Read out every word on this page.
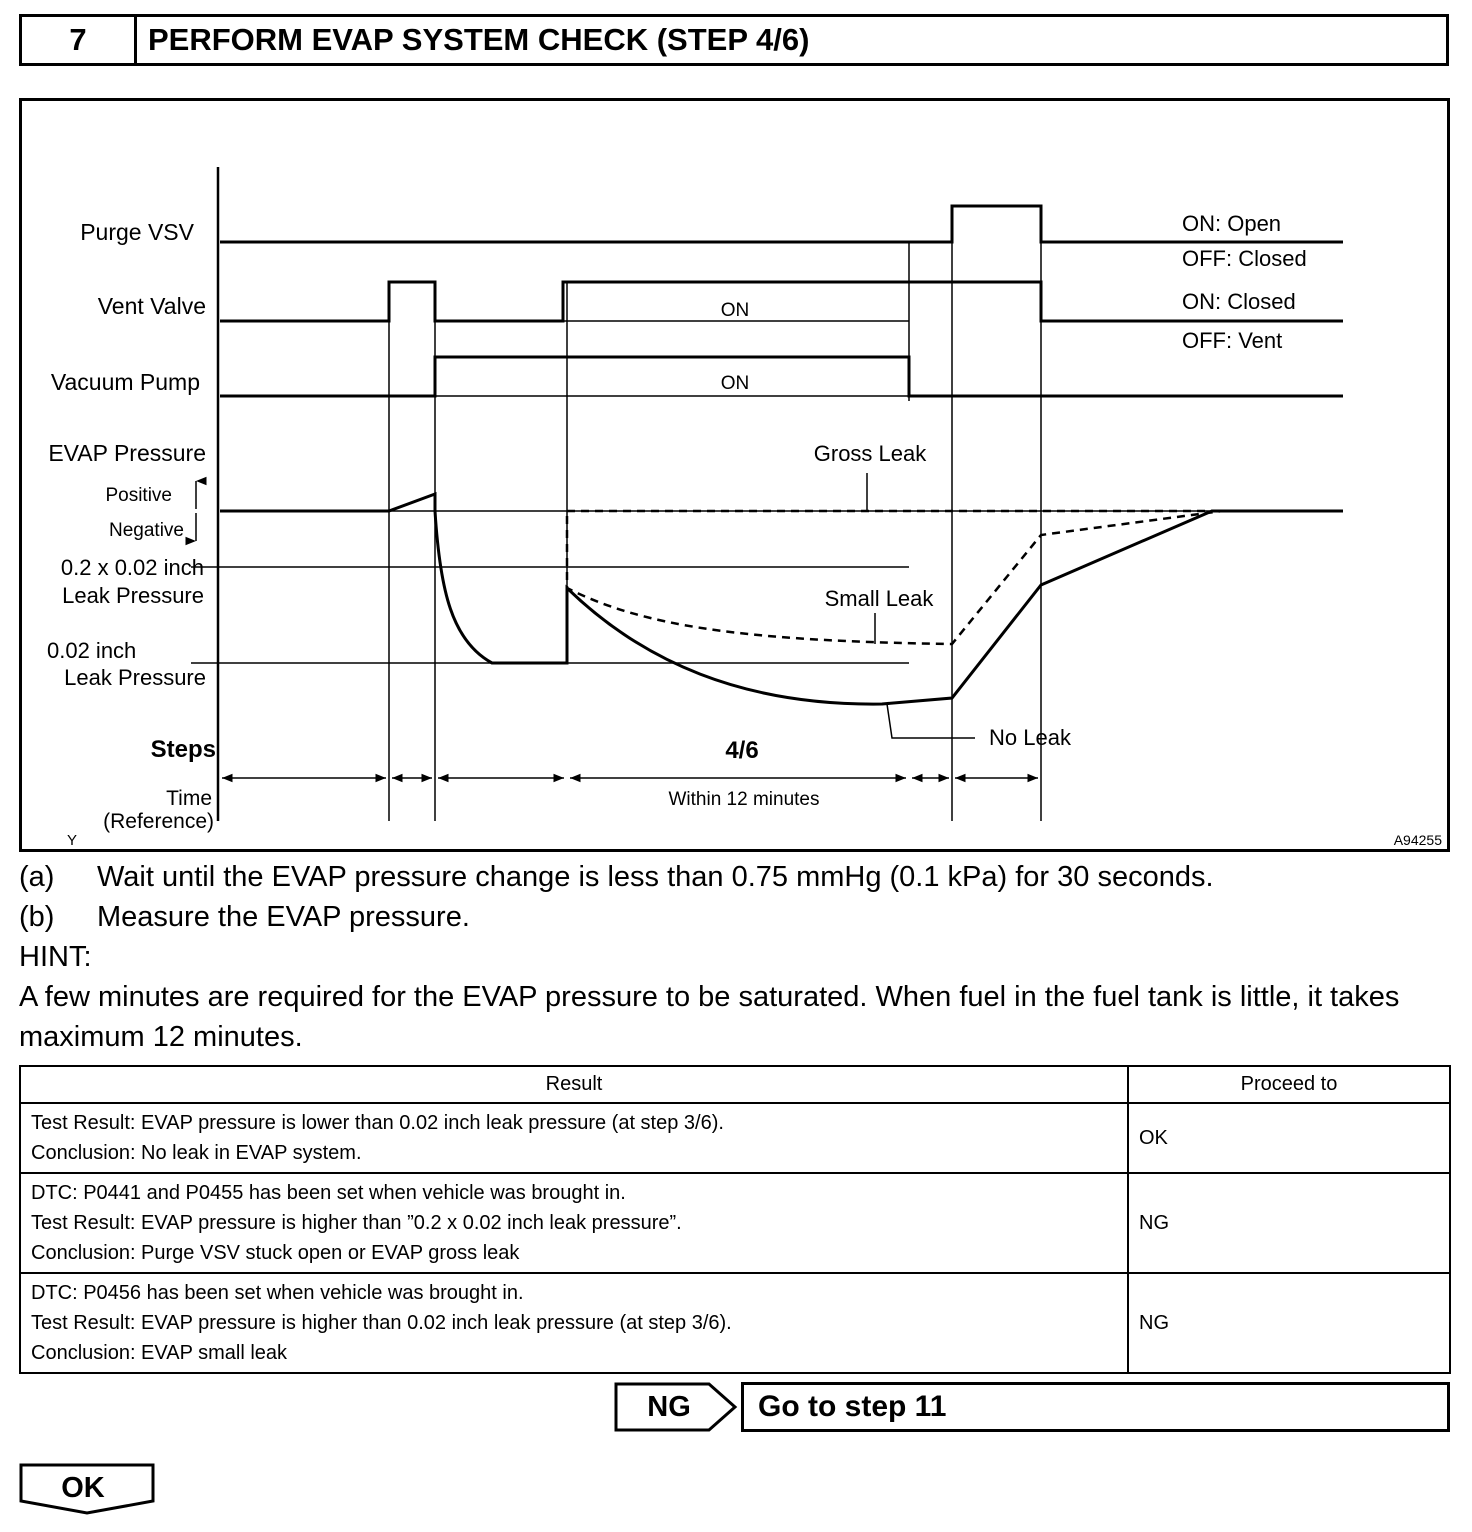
7	PERFORM EVAP SYSTEM CHECK (STEP 4/6)
Purge VSV
Vent Valve
Vacuum Pump
EVAP Pressure
Positive
Negative
0.2 x 0.02 inch
Leak Pressure
0.02 inch
Leak Pressure
Steps
Time
(Reference)
Y
ON: Open
OFF: Closed
ON: Closed
OFF: Vent
ON
ON
Gross Leak
Small Leak
No Leak
4/6
Within 12 minutes
A94255
(a) Wait until the EVAP pressure change is less than 0.75 mmHg (0.1 kPa) for 30 seconds.
(b) Measure the EVAP pressure.
HINT:
A few minutes are required for the EVAP pressure to be saturated. When fuel in the fuel tank is little, it takes
maximum 12 minutes.
Result	Proceed to

Test Result: EVAP pressure is lower than 0.02 inch leak pressure (at step 3/6).
Conclusion: No leak in EVAP system.	OK

DTC: P0441 and P0455 has been set when vehicle was brought in.
Test Result: EVAP pressure is higher than ”0.2 x 0.02 inch leak pressure”.
Conclusion: Purge VSV stuck open or EVAP gross leak	NG

DTC: P0456 has been set when vehicle was brought in.
Test Result: EVAP pressure is higher than 0.02 inch leak pressure (at step 3/6).
Conclusion: EVAP small leak	NG
NG Go to step 11
OK
